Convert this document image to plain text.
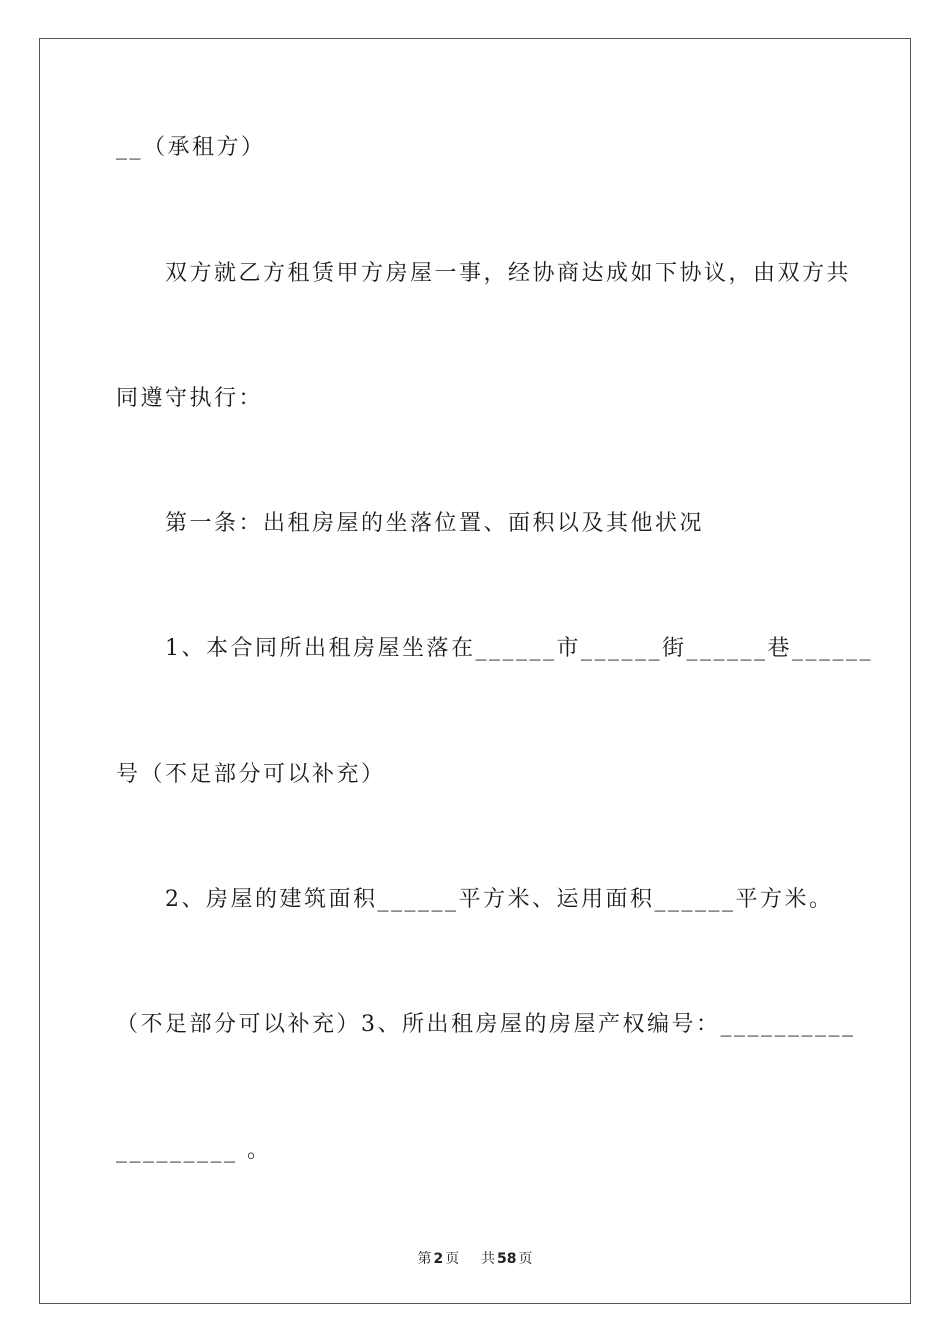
__（承租方）
双方就乙方租赁甲方房屋一事，经协商达成如下协议，由双方共
同遵守执行：
第一条：出租房屋的坐落位置、面积以及其他状况
1、本合同所出租房屋坐落在______市______街______巷______
号（不足部分可以补充）
2、房屋的建筑面积______平方米、运用面积______平方米。
（不足部分可以补充）3、所出租房屋的房屋产权编号：__________
_________ 。
第 2 页 共 58 页
